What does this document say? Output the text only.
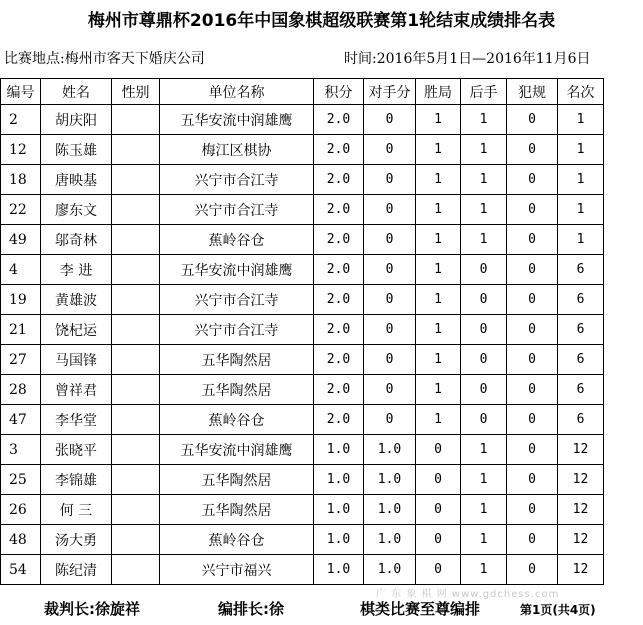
梅州市尊鼎杯2016年中国象棋超级联赛第1轮结束成绩排名表
比赛地点:梅州市客天下婚庆公司	时间:2016年5月1日—2016年11月6日
编号	姓名	性别	单位名称	积分	对手分	胜局	后手	犯规	名次
2	胡庆阳		五华安流中润雄鹰	2.0	0	1	1	0	1
12	陈玉雄		梅江区棋协	2.0	0	1	1	0	1
18	唐映基		兴宁市合江寺	2.0	0	1	1	0	1
22	廖东文		兴宁市合江寺	2.0	0	1	1	0	1
49	邬奇林		蕉岭谷仓	2.0	0	1	1	0	1
4	李 进		五华安流中润雄鹰	2.0	0	1	0	0	6
19	黄雄波		兴宁市合江寺	2.0	0	1	0	0	6
21	饶杞运		兴宁市合江寺	2.0	0	1	0	0	6
27	马国锋		五华陶然居	2.0	0	1	0	0	6
28	曾祥君		五华陶然居	2.0	0	1	0	0	6
47	李华堂		蕉岭谷仓	2.0	0	1	0	0	6
3	张晓平		五华安流中润雄鹰	1.0	1.0	0	1	0	12
25	李锦雄		五华陶然居	1.0	1.0	0	1	0	12
26	何 三		五华陶然居	1.0	1.0	0	1	0	12
48	汤大勇		蕉岭谷仓	1.0	1.0	0	1	0	12
54	陈纪清		兴宁市福兴	1.0	1.0	0	1	0	12
裁判长:徐旋祥	编排长:徐	棋类比赛至尊编排	第1页(共4页)
广 东 象 棋 网 www.gdchess.com
